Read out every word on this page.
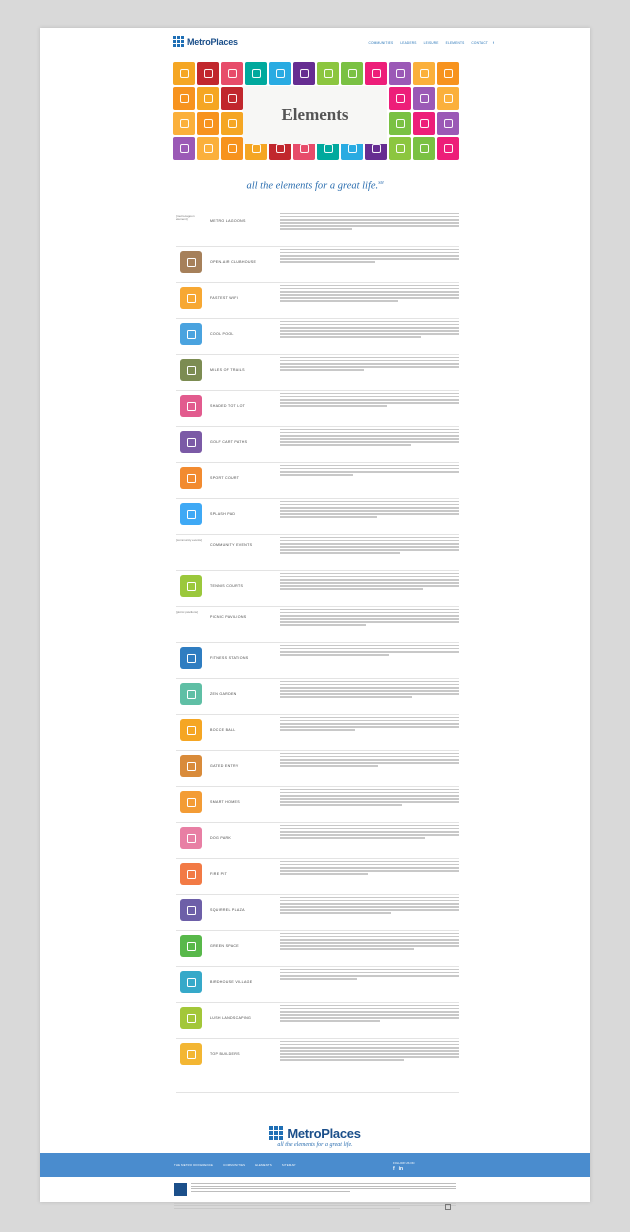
MetroPlaces	COMMUNITIES LEADERS LEISURE ELEMENTS CONTACT f
Elements
all the elements for a great life.℠
[metro-lagoon element]	METRO LAGOONS
OPEN-AIR CLUBHOUSE
FASTEST WIFI
COOL POOL
MILES OF TRAILS
SHADED TOT LOT
GOLF CART PATHS
SPORT COURT
SPLASH PAD
[community events]
COMMUNITY EVENTS
TENNIS COURTS
[picnic pavilions]
PICNIC PAVILIONS
FITNESS STATIONS
ZEN GARDEN
BOCCE BALL
GATED ENTRY
SMART HOMES
DOG PARK
FIRE PIT
SQUIRREL PLAZA
GREEN SPACE
BIRDHOUSE VILLAGE
LUSH LANDSCAPING
TOP BUILDERS

MetroPlaces
all the elements for a great life.
THE METRO DIFFERENCE	COMMUNITIES	ELEMENTS	SITEMAP	FOLLOW US ON
f in
